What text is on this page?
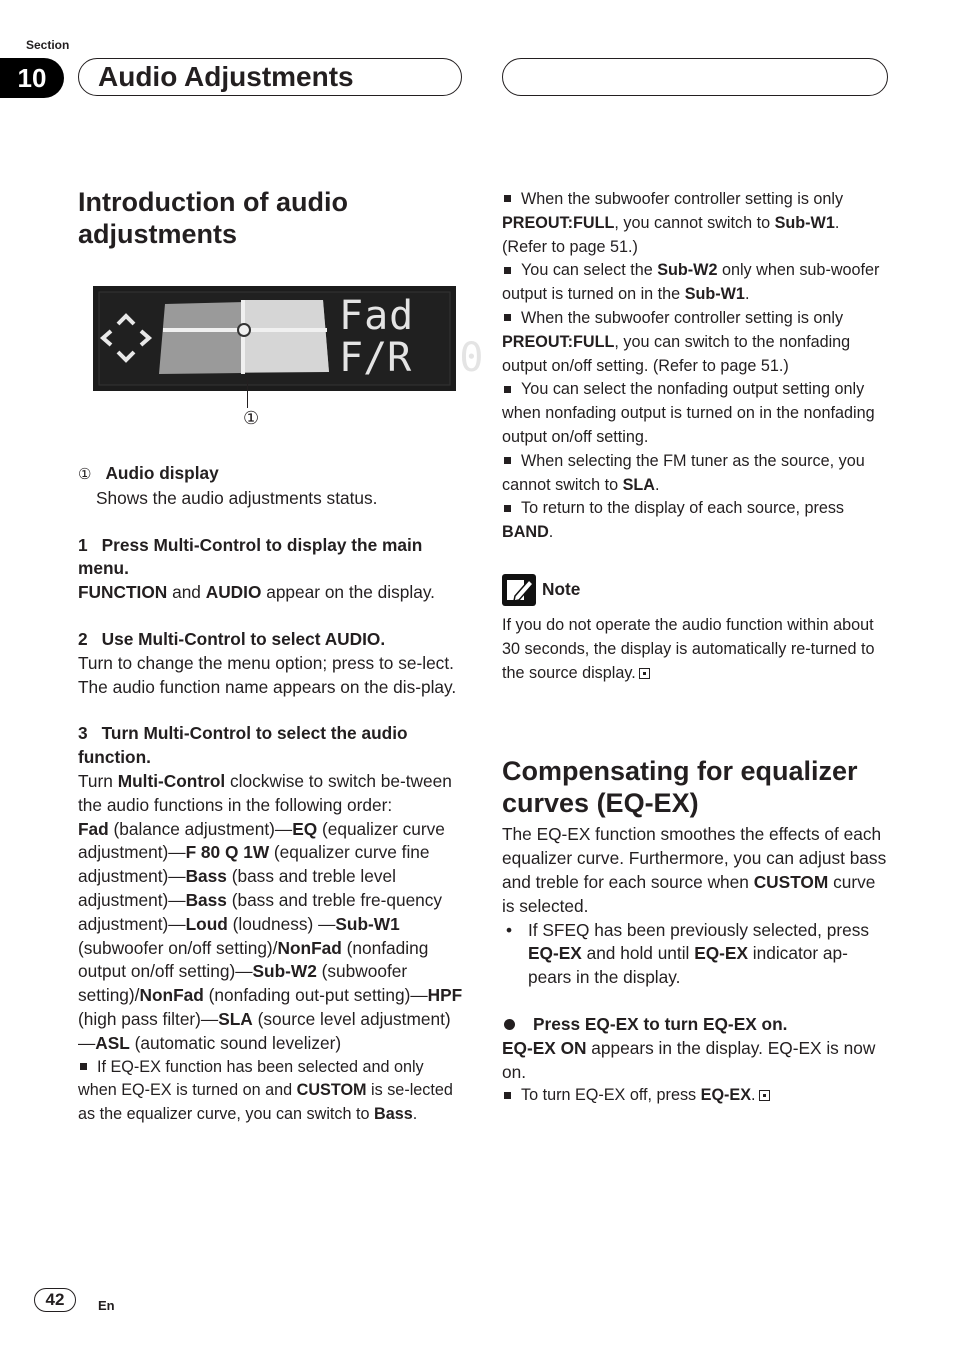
Section
10	Audio Adjustments
Introduction of audio adjustments
Fad
F/R  0
①

① Audio display

Shows the audio adjustments status.

1 Press Multi-Control to display the main menu.

FUNCTION and AUDIO appear on the display.

2 Use Multi-Control to select AUDIO.

Turn to change the menu option; press to se-lect.

The audio function name appears on the dis-play.

3 Turn Multi-Control to select the audio function.

Turn Multi-Control clockwise to switch be-tween the audio functions in the following order:

Fad (balance adjustment)—EQ (equalizer curve adjustment)—F 80 Q 1W (equalizer curve fine adjustment)—Bass (bass and treble level adjustment)—Bass (bass and treble fre-quency adjustment)—Loud (loudness) —Sub-W1 (subwoofer on/off setting)/NonFad (nonfading output on/off setting)—Sub-W2 (subwoofer setting)/NonFad (nonfading out-put setting)—HPF (high pass filter)—SLA (source level adjustment)—ASL (automatic sound levelizer)

If EQ-EX function has been selected and only when EQ-EX is turned on and CUSTOM is se-lected as the equalizer curve, you can switch to Bass.

When the subwoofer controller setting is only PREOUT:FULL, you cannot switch to Sub-W1. (Refer to page 51.)

You can select the Sub-W2 only when sub-woofer output is turned on in the Sub-W1.

When the subwoofer controller setting is only PREOUT:FULL, you can switch to the nonfading output on/off setting. (Refer to page 51.)

You can select the nonfading output setting only when nonfading output is turned on in the nonfading output on/off setting.

When selecting the FM tuner as the source, you cannot switch to SLA.

To return to the display of each source, press BAND.

Note

If you do not operate the audio function within about 30 seconds, the display is automatically re-turned to the source display.

Compensating for equalizer curves (EQ-EX)

The EQ-EX function smoothes the effects of each equalizer curve. Furthermore, you can adjust bass and treble for each source when CUSTOM curve is selected.

• If SFEQ has been previously selected, press EQ-EX and hold until EQ-EX indicator ap-pears in the display.

Press EQ-EX to turn EQ-EX on.

EQ-EX ON appears in the display. EQ-EX is now on.

To turn EQ-EX off, press EQ-EX.

42	En
